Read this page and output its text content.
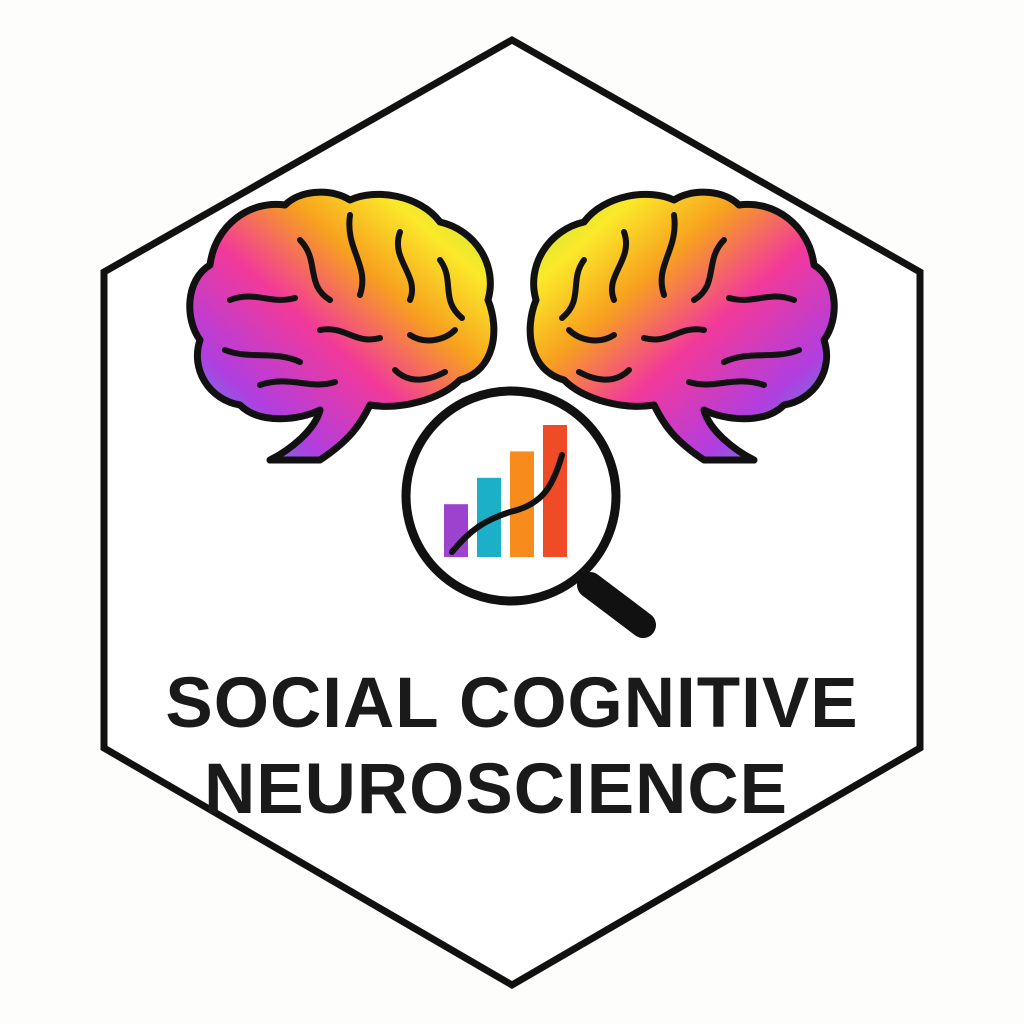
SOCIAL COGNITIVE
NEUROSCIENCE
